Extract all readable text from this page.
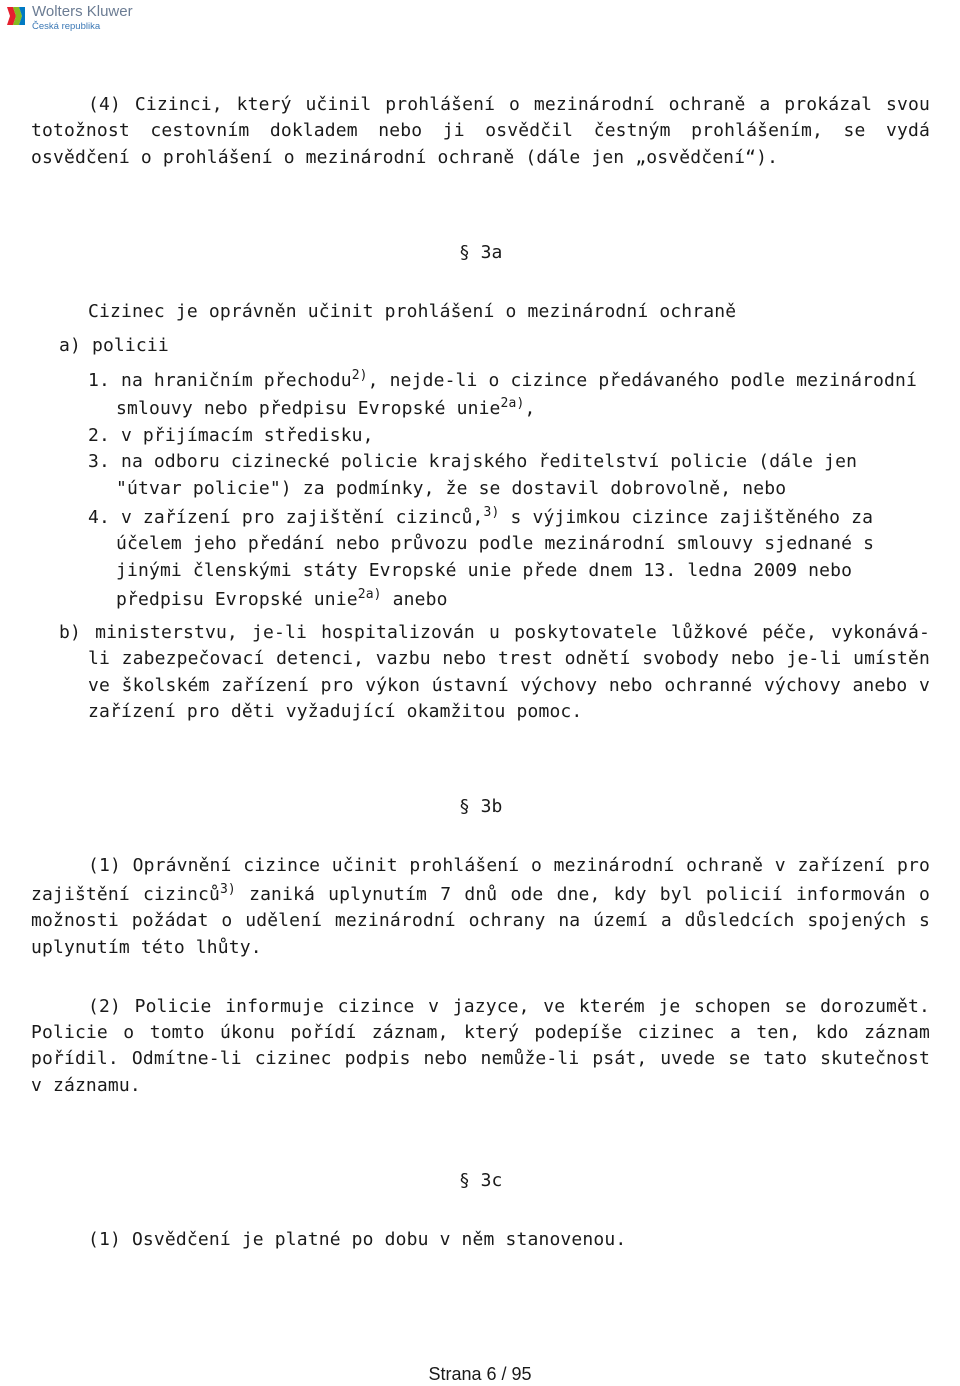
Wolters Kluwer
Česká republika
(4) Cizinci, který učinil prohlášení o mezinárodní ochraně a prokázal svou
totožnost cestovním dokladem nebo ji osvědčil čestným prohlášením, se vydá
osvědčení o prohlášení o mezinárodní ochraně (dále jen „osvědčení“).
§ 3a
Cizinec je oprávněn učinit prohlášení o mezinárodní ochraně
a) policii
1. na hraničním přechodu$^{2)}$, nejde-li o cizince předávaného podle mezinárodní
smlouvy nebo předpisu Evropské unie$^{2a)}$,
2. v přijímacím středisku,
3. na odboru cizinecké policie krajského ředitelství policie (dále jen
"útvar policie") za podmínky, že se dostavil dobrovolně, nebo
4. v zařízení pro zajištění cizinců,$^{3)}$ s výjimkou cizince zajištěného za
účelem jeho předání nebo průvozu podle mezinárodní smlouvy sjednané s
jinými členskými státy Evropské unie přede dnem 13. ledna 2009 nebo
předpisu Evropské unie$^{2a)}$ anebo
b) ministerstvu, je-li hospitalizován u poskytovatele lůžkové péče, vykonává-
li zabezpečovací detenci, vazbu nebo trest odnětí svobody nebo je-li umístěn
ve školském zařízení pro výkon ústavní výchovy nebo ochranné výchovy anebo v
zařízení pro děti vyžadující okamžitou pomoc.
§ 3b
(1) Oprávnění cizince učinit prohlášení o mezinárodní ochraně v zařízení pro
zajištění cizinců$^{3)}$ zaniká uplynutím 7 dnů ode dne, kdy byl policií informován o
možnosti požádat o udělení mezinárodní ochrany na území a důsledcích spojených s
uplynutím této lhůty.
(2) Policie informuje cizince v jazyce, ve kterém je schopen se dorozumět.
Policie o tomto úkonu pořídí záznam, který podepíše cizinec a ten, kdo záznam
pořídil. Odmítne-li cizinec podpis nebo nemůže-li psát, uvede se tato skutečnost
v záznamu.
§ 3c
(1) Osvědčení je platné po dobu v něm stanovenou.
Strana 6 / 95
